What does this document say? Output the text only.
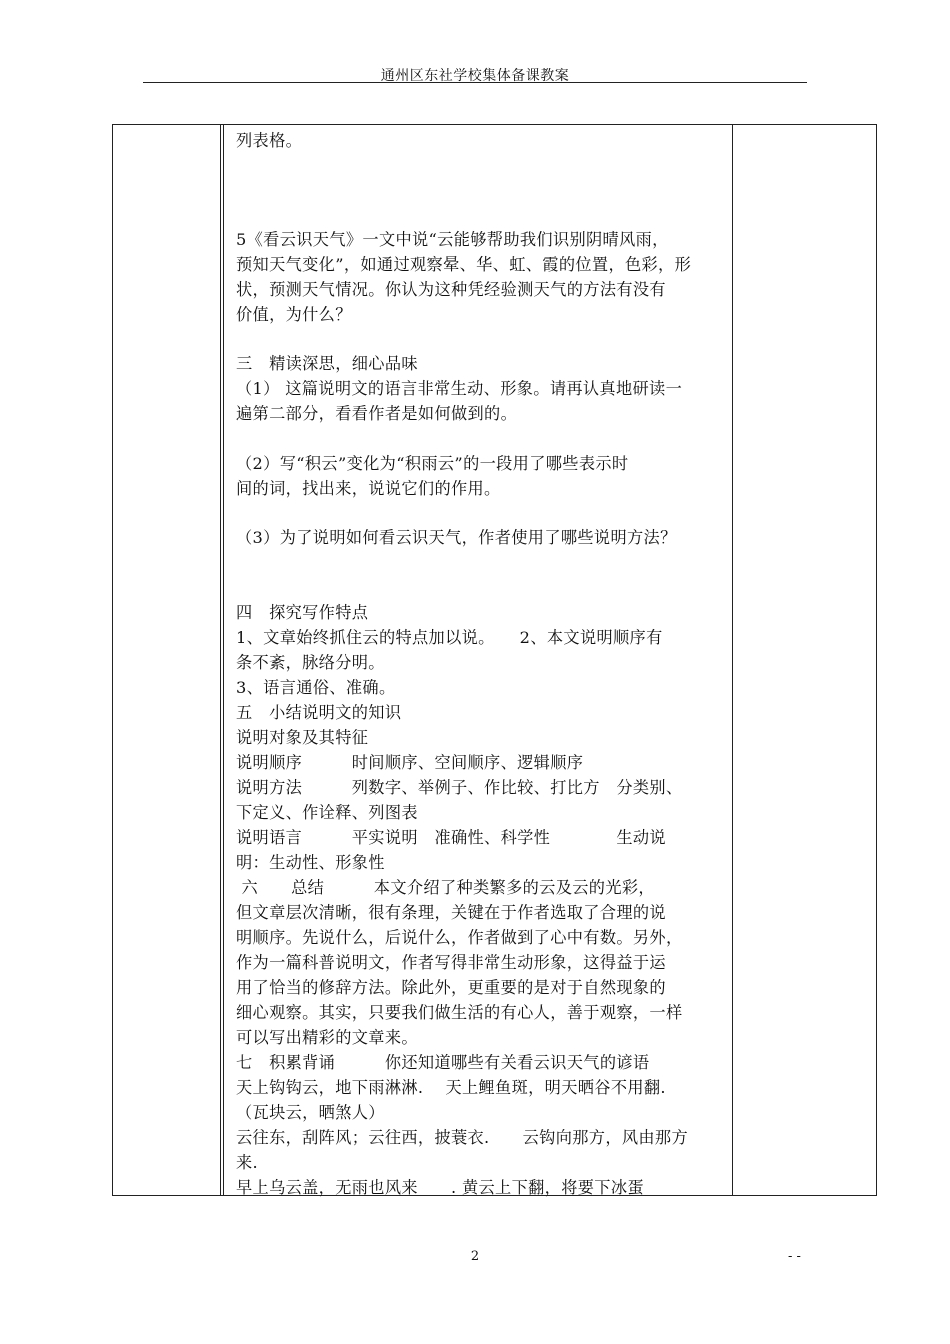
通州区东社学校集体备课教案
列表格。
5《看云识天气》一文中说“云能够帮助我们识别阴晴风雨，
预知天气变化”，如通过观察晕、华、虹、霞的位置，色彩，形
状，预测天气情况。你认为这种凭经验测天气的方法有没有
价值，为什么？
三　精读深思，细心品味
（1） 这篇说明文的语言非常生动、形象。请再认真地研读一
遍第二部分，看看作者是如何做到的。
（2）写“积云”变化为“积雨云”的一段用了哪些表示时
间的词，找出来，说说它们的作用。
（3）为了说明如何看云识天气，作者使用了哪些说明方法？
四　探究写作特点
1、文章始终抓住云的特点加以说。　　2、本文说明顺序有
条不紊，脉络分明。
3、语言通俗、准确。
五　小结说明文的知识
说明对象及其特征
说明顺序　　　时间顺序、空间顺序、逻辑顺序
说明方法　　　列数字、举例子、作比较、打比方　分类别、
下定义、作诠释、列图表
说明语言　　　平实说明　准确性、科学性　　　　生动说
明：生动性、形象性
六　　总结　　　本文介绍了种类繁多的云及云的光彩，
但文章层次清晰，很有条理，关键在于作者选取了合理的说
明顺序。先说什么，后说什么，作者做到了心中有数。另外，
作为一篇科普说明文，作者写得非常生动形象，这得益于运
用了恰当的修辞方法。除此外，更重要的是对于自然现象的
细心观察。其实，只要我们做生活的有心人，善于观察，一样
可以写出精彩的文章来。
七　积累背诵　　　你还知道哪些有关看云识天气的谚语
天上钩钩云，地下雨淋淋.　 天上鲤鱼斑，明天晒谷不用翻.
（瓦块云，晒煞人）
云往东，刮阵风；云往西，披蓑衣.　　云钩向那方，风由那方
来.
早上乌云盖，无雨也风来　　. 黄云上下翻，将要下冰蛋
2	- -
